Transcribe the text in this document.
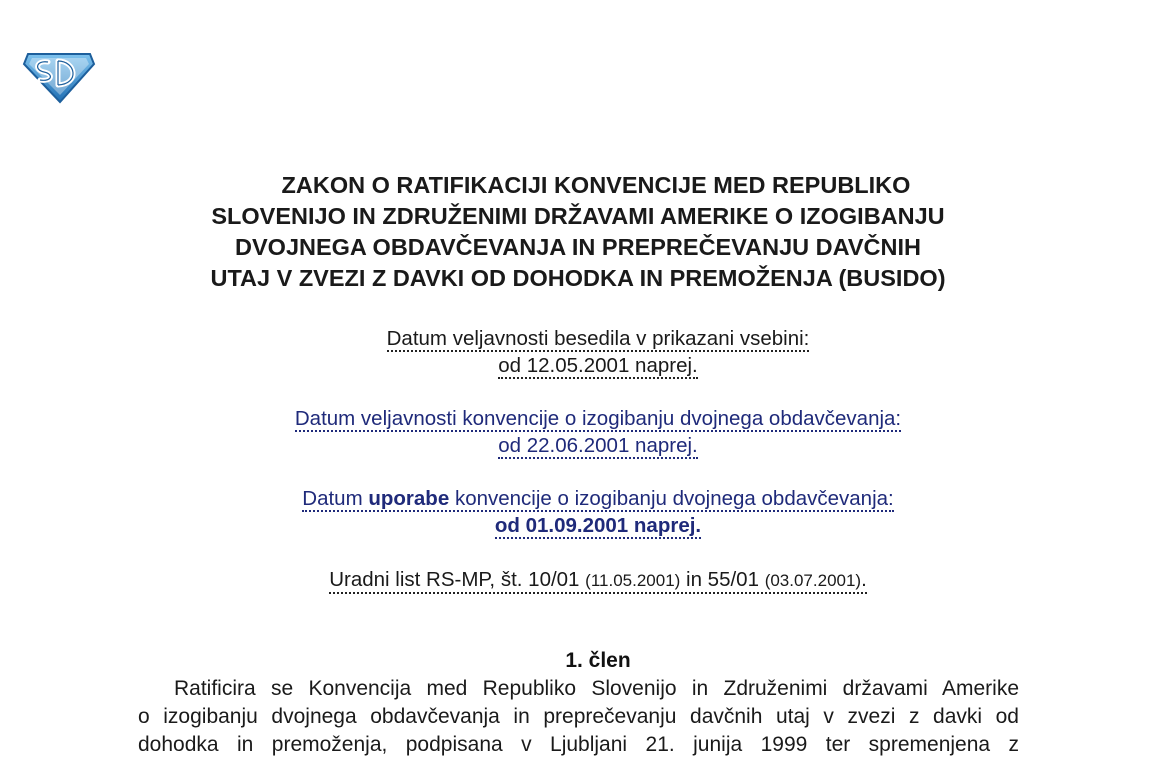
ZAKON O RATIFIKACIJI KONVENCIJE MED REPUBLIKO
SLOVENIJO IN ZDRUŽENIMI DRŽAVAMI AMERIKE O IZOGIBANJU
DVOJNEGA OBDAVČEVANJA IN PREPREČEVANJU DAVČNIH
UTAJ V ZVEZI Z DAVKI OD DOHODKA IN PREMOŽENJA (BUSIDO)
Datum veljavnosti besedila v prikazani vsebini:
od 12.05.2001 naprej.
Datum veljavnosti konvencije o izogibanju dvojnega obdavčevanja:
od 22.06.2001 naprej.
Datum uporabe konvencije o izogibanju dvojnega obdavčevanja:
od 01.09.2001 naprej.
Uradni list RS-MP, št. 10/01 (11.05.2001) in 55/01 (03.07.2001).
1. člen
Ratificira se Konvencija med Republiko Slovenijo in Združenimi državami Amerike
o izogibanju dvojnega obdavčevanja in preprečevanju davčnih utaj v zvezi z davki od
dohodka in premoženja, podpisana v Ljubljani 21. junija 1999 ter spremenjena z
